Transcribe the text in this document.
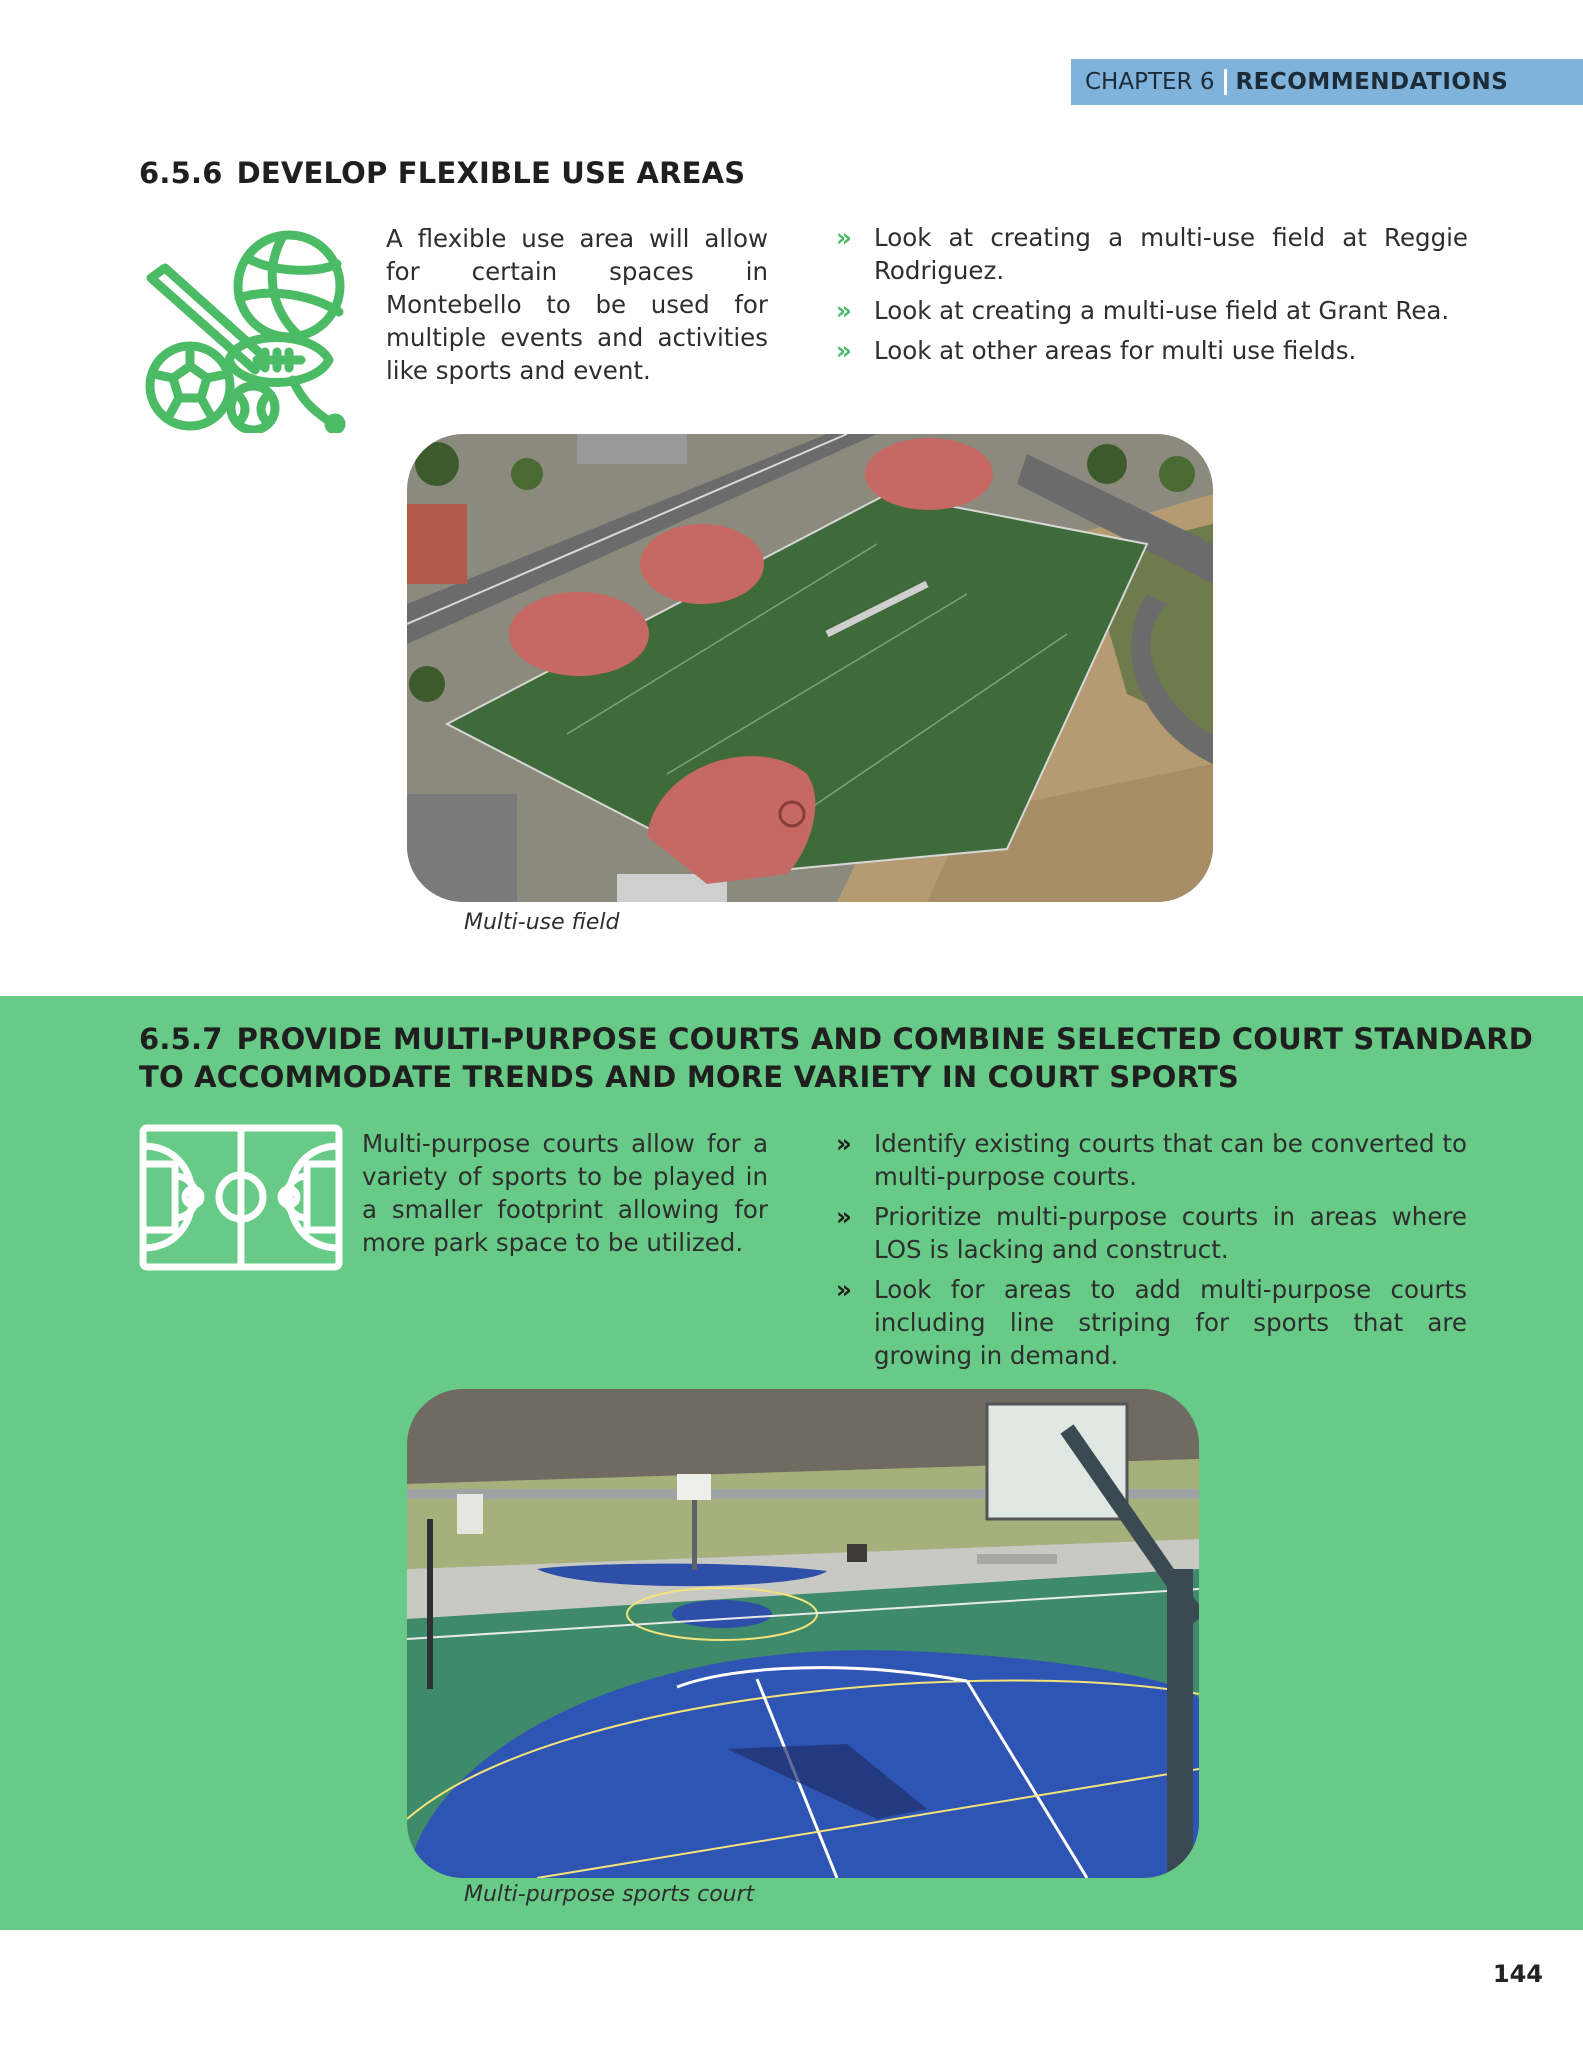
CHAPTER 6 RECOMMENDATIONS
6.5.6 DEVELOP FLEXIBLE USE AREAS

A flexible use area will allow for certain spaces in Montebello to be used for multiple events and activities like sports and event.

» Look at creating a multi-use field at Reggie Rodriguez.
» Look at creating a multi-use field at Grant Rea.
» Look at other areas for multi use fields.

Multi-use field

6.5.7 PROVIDE MULTI-PURPOSE COURTS AND COMBINE SELECTED COURT STANDARD
TO ACCOMMODATE TRENDS AND MORE VARIETY IN COURT SPORTS

Multi-purpose courts allow for a variety of sports to be played in a smaller footprint allowing for more park space to be utilized.

» Identify existing courts that can be converted to multi-purpose courts.
» Prioritize multi-purpose courts in areas where LOS is lacking and construct.
» Look for areas to add multi-purpose courts including line striping for sports that are growing in demand.

Multi-purpose sports court

144
